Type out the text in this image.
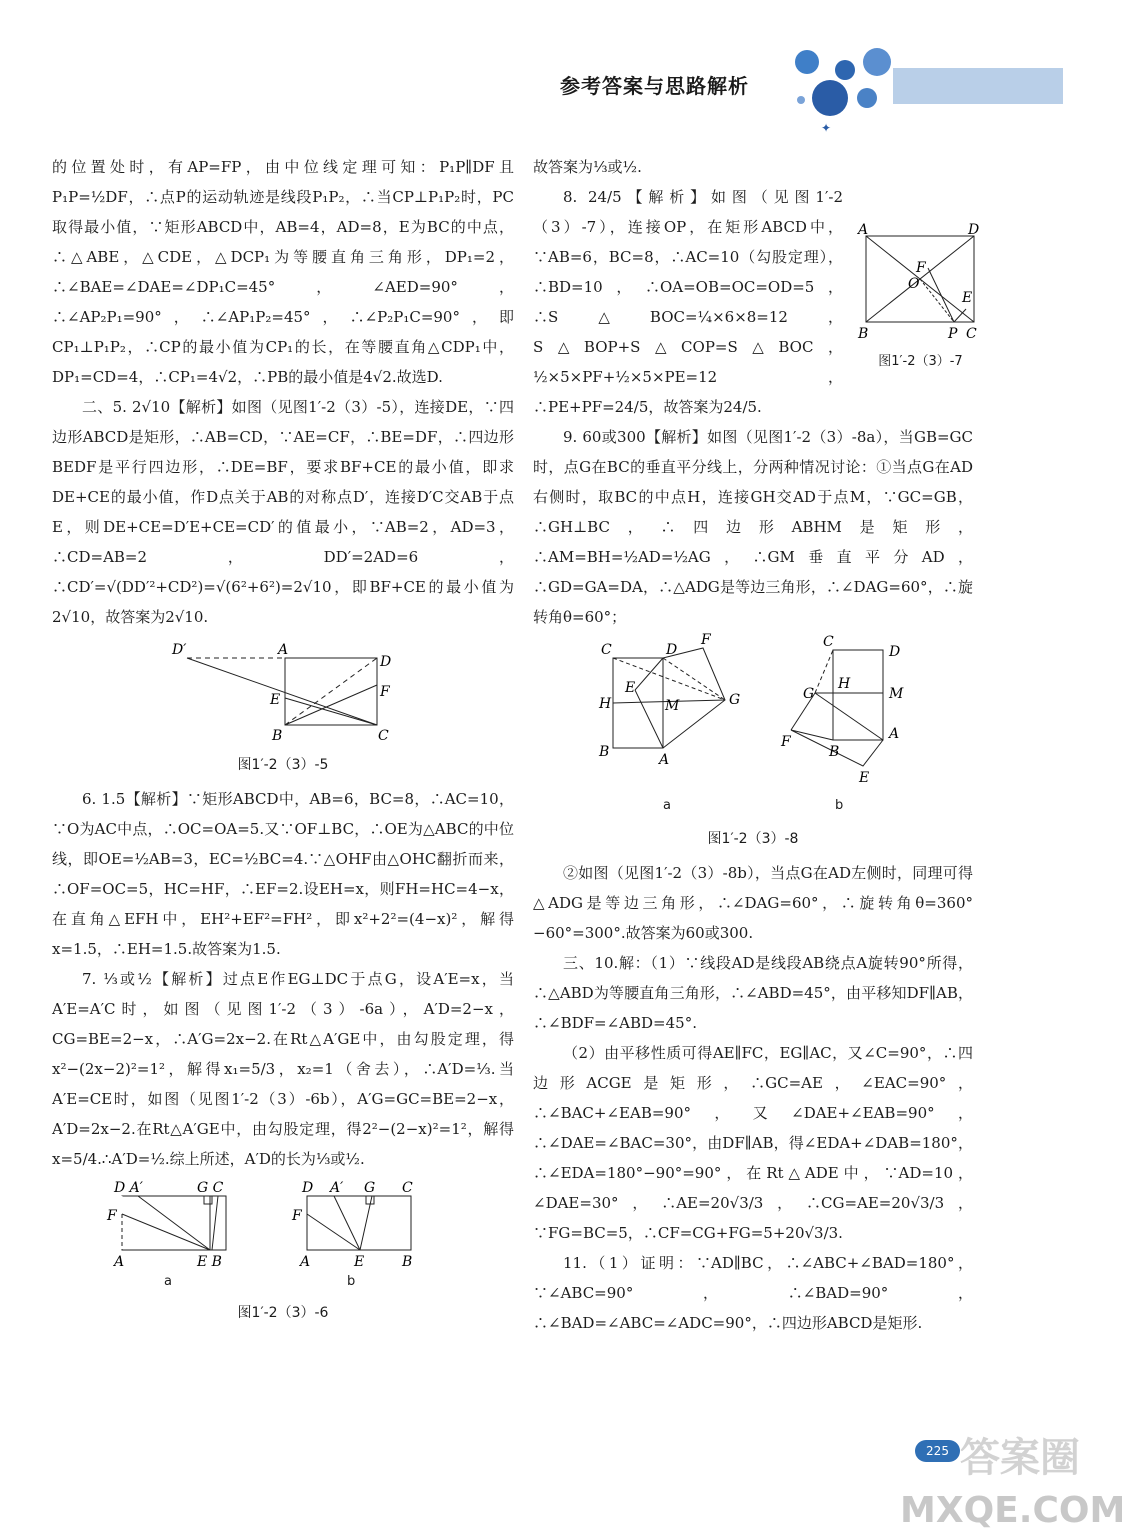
✦
参考答案与思路解析

的位置处时，有AP=FP，由中位线定理可知：P₁P∥DF且P₁P=½DF，∴点P的运动轨迹是线段P₁P₂，∴当CP⊥P₁P₂时，PC取得最小值，∵矩形ABCD中，AB=4，AD=8，E为BC的中点，∴△ABE，△CDE，△DCP₁为等腰直角三角形，DP₁=2，∴∠BAE=∠DAE=∠DP₁C=45°，∠AED=90°，∴∠AP₂P₁=90°，∴∠AP₁P₂=45°，∴∠P₂P₁C=90°，即CP₁⊥P₁P₂，∴CP的最小值为CP₁的长，在等腰直角△CDP₁中，DP₁=CD=4，∴CP₁=4√2，∴PB的最小值是4√2.故选D.

二、5. 2√10【解析】如图（见图1′-2（3）-5），连接DE，∵四边形ABCD是矩形，∴AB=CD，∵AE=CF，∴BE=DF，∴四边形BEDF是平行四边形，∴DE=BF，要求BF+CE的最小值，即求DE+CE的最小值，作D点关于AB的对称点D′，连接D′C交AB于点E，则DE+CE=D′E+CE=CD′的值最小，∵AB=2，AD=3，∴CD=AB=2，DD′=2AD=6，∴CD′=√(DD′²+CD²)=√(6²+6²)=2√10，即BF+CE的最小值为2√10，故答案为2√10.

D′	A
D
E	F
B	C
图1′-2（3）-5

6. 1.5【解析】∵矩形ABCD中，AB=6，BC=8，∴AC=10，∵O为AC中点，∴OC=OA=5.又∵OF⊥BC，∴OE为△ABC的中位线，即OE=½AB=3，EC=½BC=4.∵△OHF由△OHC翻折而来，∴OF=OC=5，HC=HF，∴EF=2.设EH=x，则FH=HC=4−x，在直角△EFH中，EH²+EF²=FH²，即x²+2²=(4−x)²，解得x=1.5，∴EH=1.5.故答案为1.5.

7. ⅓或½【解析】过点E作EG⊥DC于点G，设A′E=x，当A′E=A′C时，如图（见图1′-2（3）-6a），A′D=2−x，CG=BE=2−x，∴A′G=2x−2.在Rt△A′GE中，由勾股定理，得x²−(2x−2)²=1²，解得x₁=5/3，x₂=1（舍去），∴A′D=⅓.当A′E=CE时，如图（见图1′-2（3）-6b），A′G=GC=BE=2−x，A′D=2x−2.在Rt△A′GE中，由勾股定理，得2²−(2−x)²=1²，解得x=5/4.∴A′D=½.综上所述，A′D的长为⅓或½.

D A′	G C
F
A	E B
D A′ G C
F
A	E	B
a	b
图1′-2（3）-6

故答案为⅓或½.

A	D
F
O
E
B	P C
图1′-2（3）-7

8. 24/5【解析】如图（见图1′-2（3）-7），连接OP，在矩形ABCD中，∵AB=6，BC=8，∴AC=10（勾股定理），∴BD=10，∴OA=OB=OC=OD=5，∴S△BOC=¼×6×8=12，S△BOP+S△COP=S△BOC，½×5×PF+½×5×PE=12，∴PE+PF=24/5，故答案为24/5.

9. 60或300【解析】如图（见图1′-2（3）-8a），当GB=GC时，点G在BC的垂直平分线上，分两种情况讨论：①当点G在AD右侧时，取BC的中点H，连接GH交AD于点M，∵GC=GB，∴GH⊥BC，∴四边形ABHM是矩形，∴AM=BH=½AD=½AG，∴GM垂直平分AD，∴GD=GA=DA，∴△ADG是等边三角形，∴∠DAG=60°，∴旋转角θ=60°；

C	D
F
H
E
M	G
B	A
C
D
G
H
M
A
B
F
E
a	b
图1′-2（3）-8

②如图（见图1′-2（3）-8b），当点G在AD左侧时，同理可得△ADG是等边三角形，∴∠DAG=60°，∴旋转角θ=360°−60°=300°.故答案为60或300.

三、10.解：（1）∵线段AD是线段AB绕点A旋转90°所得，∴△ABD为等腰直角三角形，∴∠ABD=45°，由平移知DF∥AB，∴∠BDF=∠ABD=45°.

（2）由平移性质可得AE∥FC，EG∥AC，又∠C=90°，∴四边形ACGE是矩形，∴GC=AE，∠EAC=90°，∴∠BAC+∠EAB=90°，又∠DAE+∠EAB=90°，∴∠DAE=∠BAC=30°，由DF∥AB，得∠EDA+∠DAB=180°，∴∠EDA=180°−90°=90°，在Rt△ADE中，∵AD=10，∠DAE=30°，∴AE=20√3/3，∴CG=AE=20√3/3，∵FG=BC=5，∴CF=CG+FG=5+20√3/3.

11.（1）证明：∵AD∥BC，∴∠ABC+∠BAD=180°，∵∠ABC=90°，∴∠BAD=90°，∴∠BAD=∠ABC=∠ADC=90°，∴四边形ABCD是矩形.

答案圈
225
MXQE.COM
